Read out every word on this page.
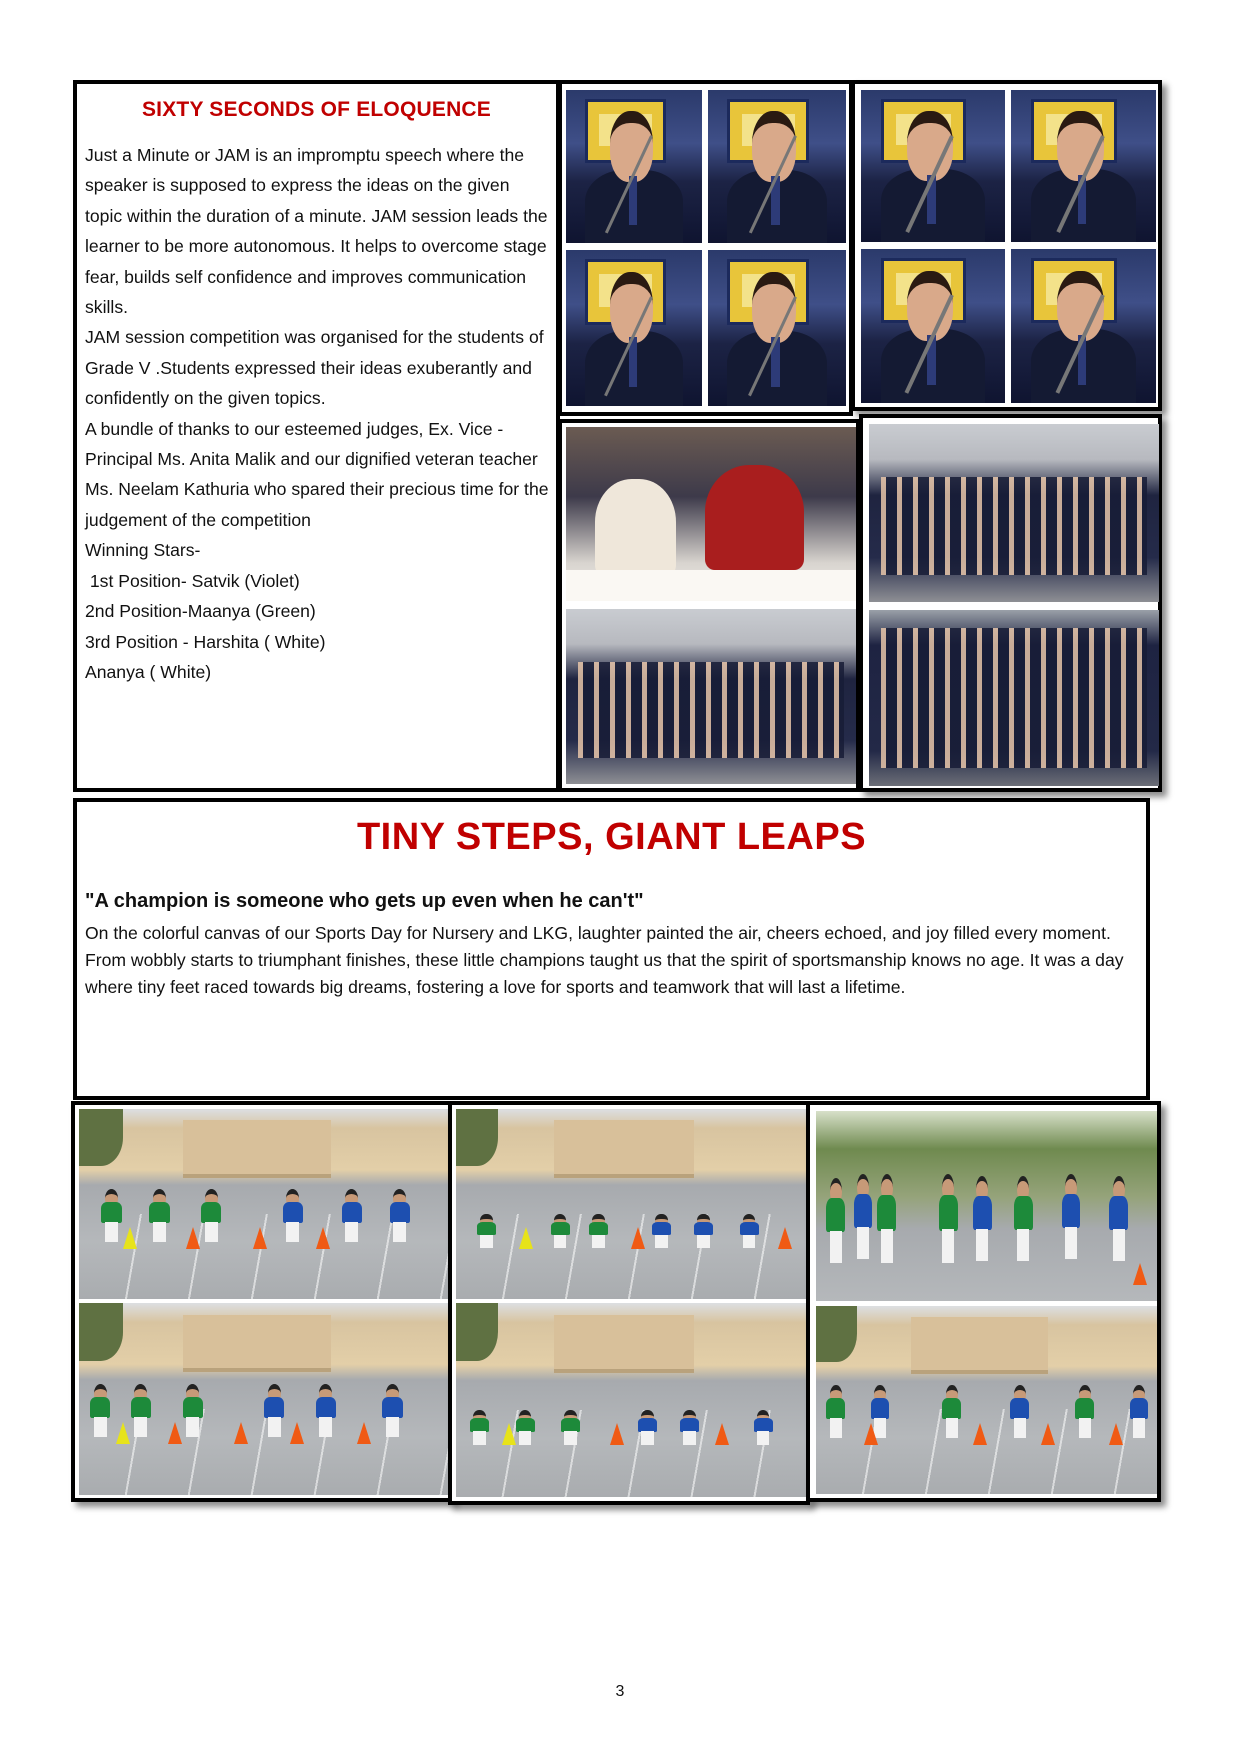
SIXTY SECONDS OF ELOQUENCE

Just a Minute or JAM is an impromptu speech where the speaker is supposed to express the ideas on the given topic within the duration of a minute. JAM session leads the learner to be more autonomous. It helps to overcome stage fear, builds self confidence and improves communication skills.

JAM session competition was organised for the students of Grade V .Students expressed their ideas exuberantly and confidently on the given topics.

A bundle of thanks to our esteemed judges, Ex. Vice - Principal Ms. Anita Malik and our dignified veteran teacher Ms. Neelam Kathuria who spared their precious time for the judgement of the competition

Winning Stars-

1st Position- Satvik (Violet)

2nd Position-Maanya (Green)

3rd Position - Harshita ( White)

Ananya ( White)

TINY STEPS, GIANT LEAPS
"A champion is someone who gets up even when he can't"
On the colorful canvas of our Sports Day for Nursery and LKG, laughter painted the air, cheers echoed, and joy filled every moment. From wobbly starts to triumphant finishes, these little champions taught us that the spirit of sportsmanship knows no age. It was a day where tiny feet raced towards big dreams, fostering a love for sports and teamwork that will last a lifetime.
3
